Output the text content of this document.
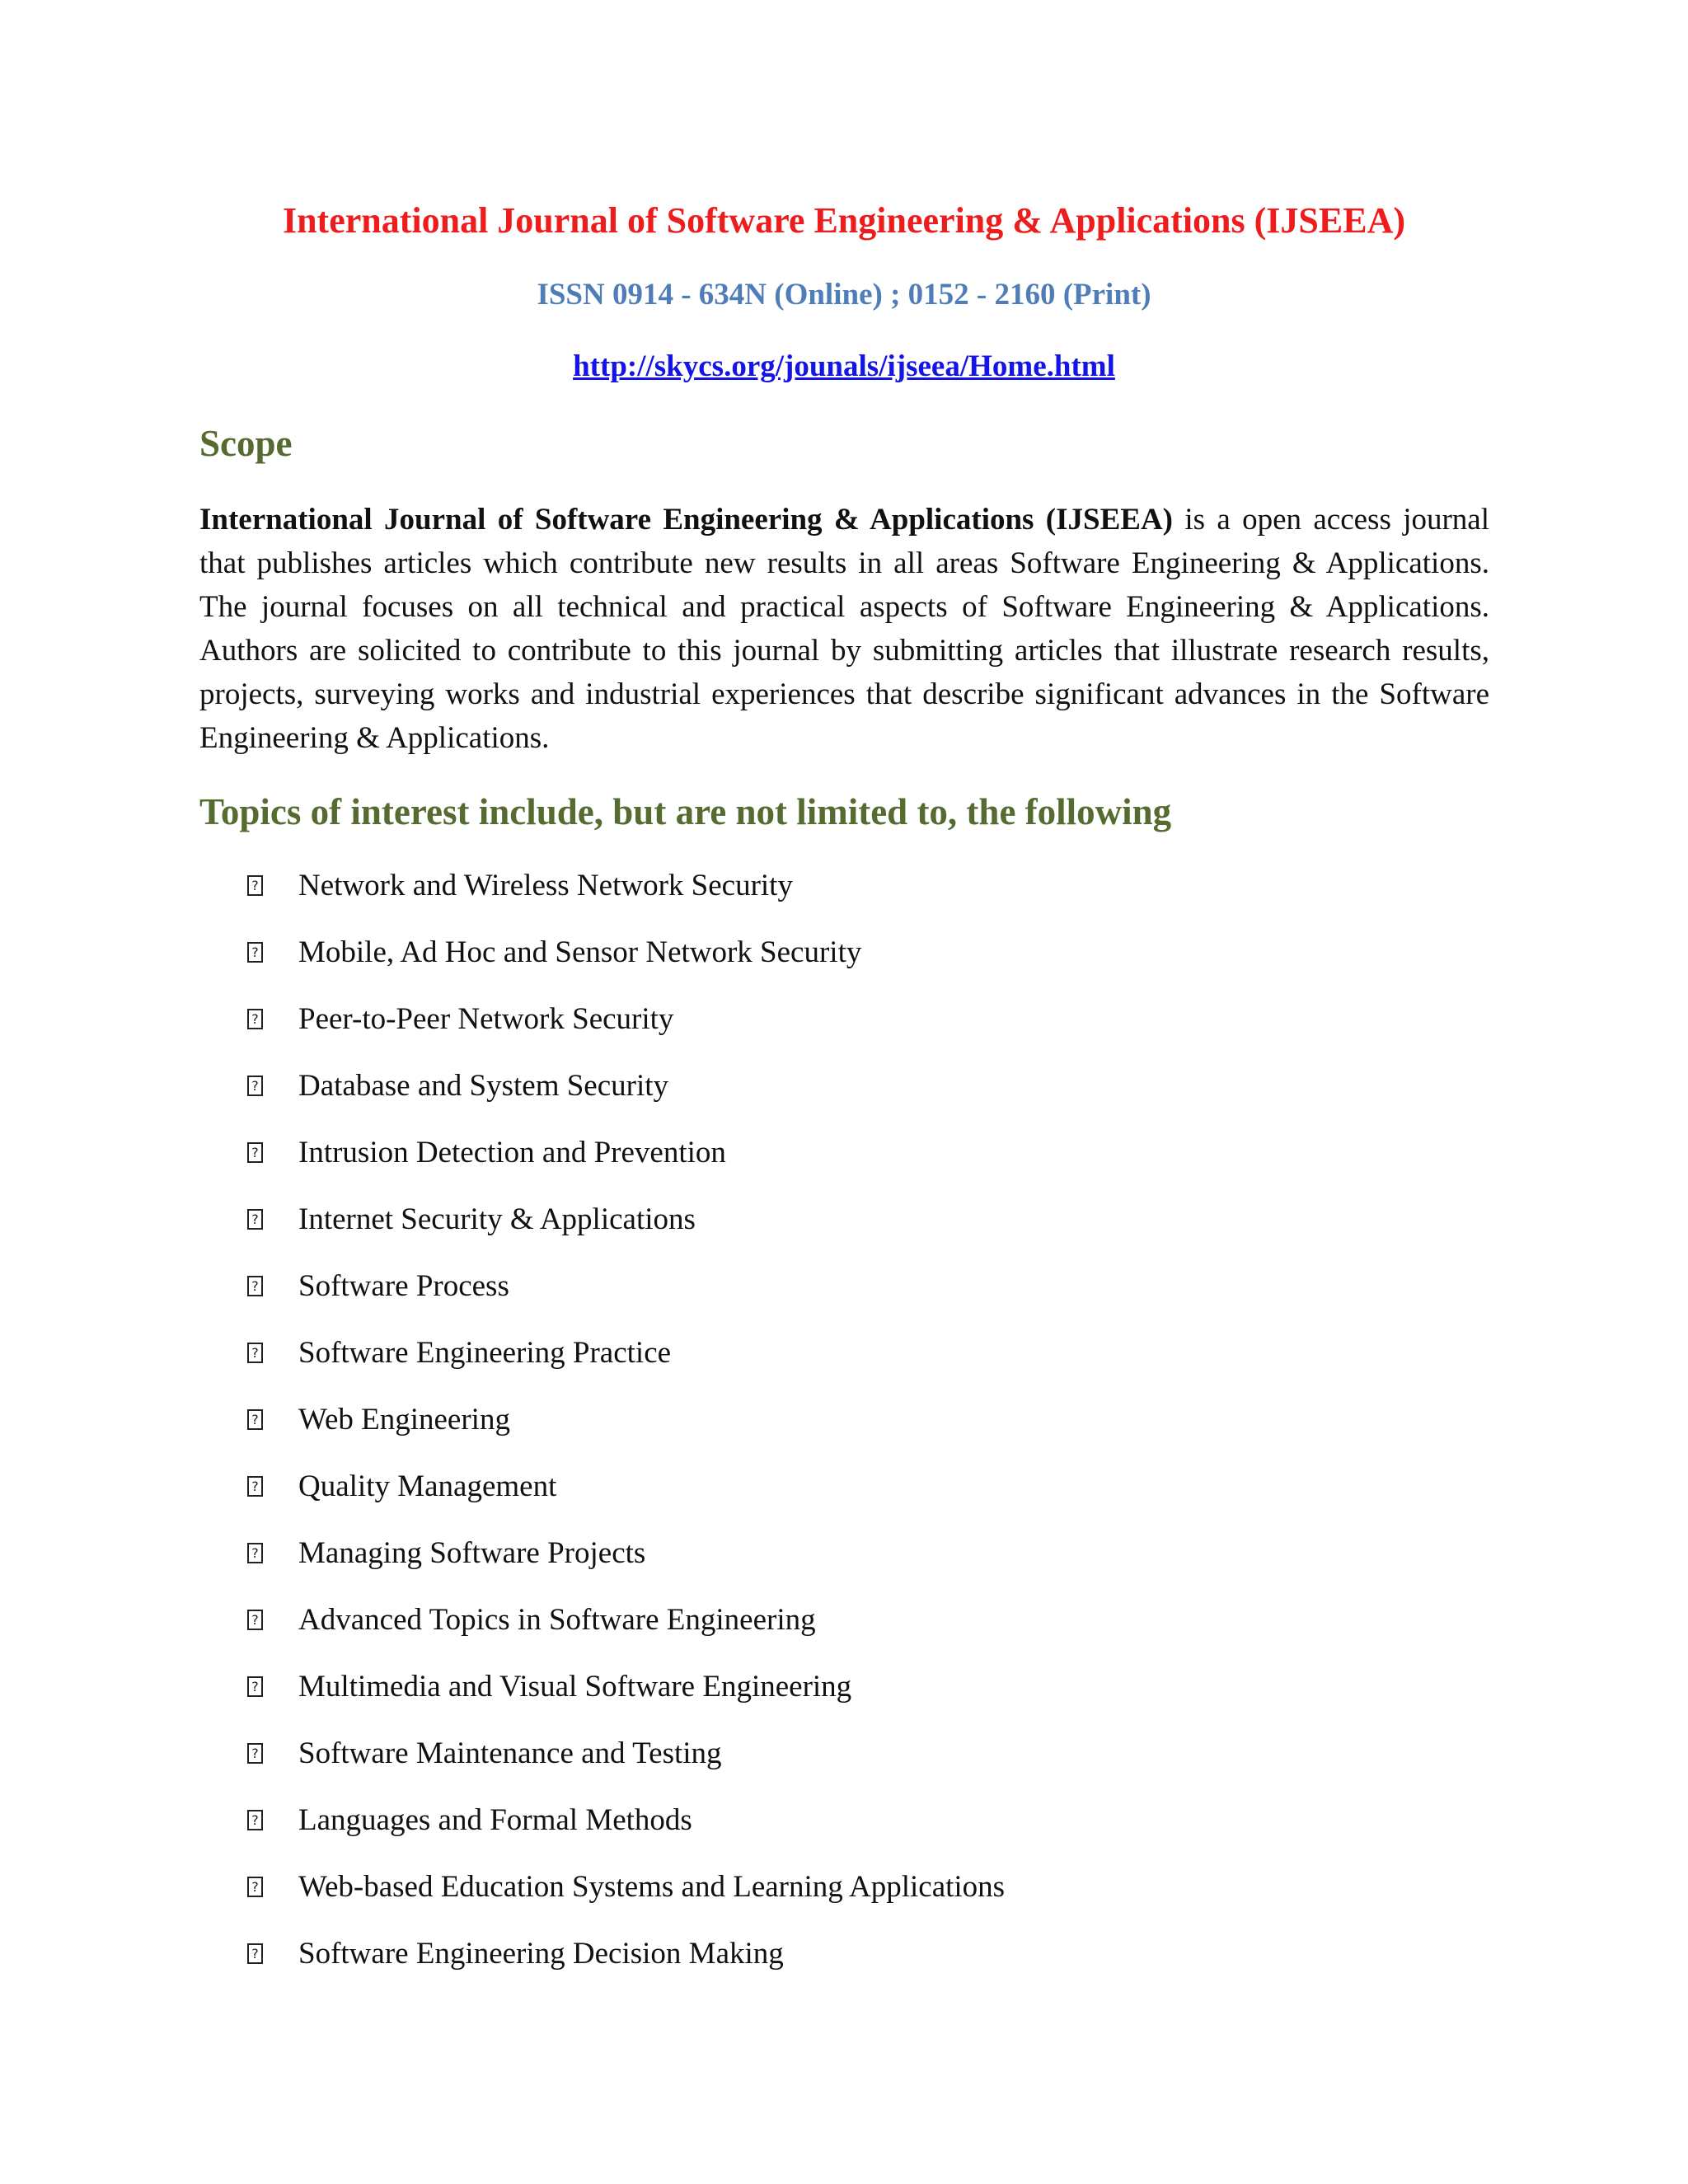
International Journal of Software Engineering & Applications (IJSEEA)

ISSN 0914 - 634N (Online) ; 0152 - 2160 (Print)

http://skycs.org/jounals/ijseea/Home.html

Scope

International Journal of Software Engineering & Applications (IJSEEA) is a open access journal that publishes articles which contribute new results in all areas Software Engineering & Applications. The journal focuses on all technical and practical aspects of Software Engineering & Applications. Authors are solicited to contribute to this journal by submitting articles that illustrate research results, projects, surveying works and industrial experiences that describe significant advances in the Software Engineering & Applications.

Topics of interest include, but are not limited to, the following
? Network and Wireless Network Security
? Mobile, Ad Hoc and Sensor Network Security
? Peer-to-Peer Network Security
? Database and System Security
? Intrusion Detection and Prevention
? Internet Security & Applications
? Software Process
? Software Engineering Practice
? Web Engineering
? Quality Management
? Managing Software Projects
? Advanced Topics in Software Engineering
? Multimedia and Visual Software Engineering
? Software Maintenance and Testing
? Languages and Formal Methods
? Web-based Education Systems and Learning Applications
? Software Engineering Decision Making
